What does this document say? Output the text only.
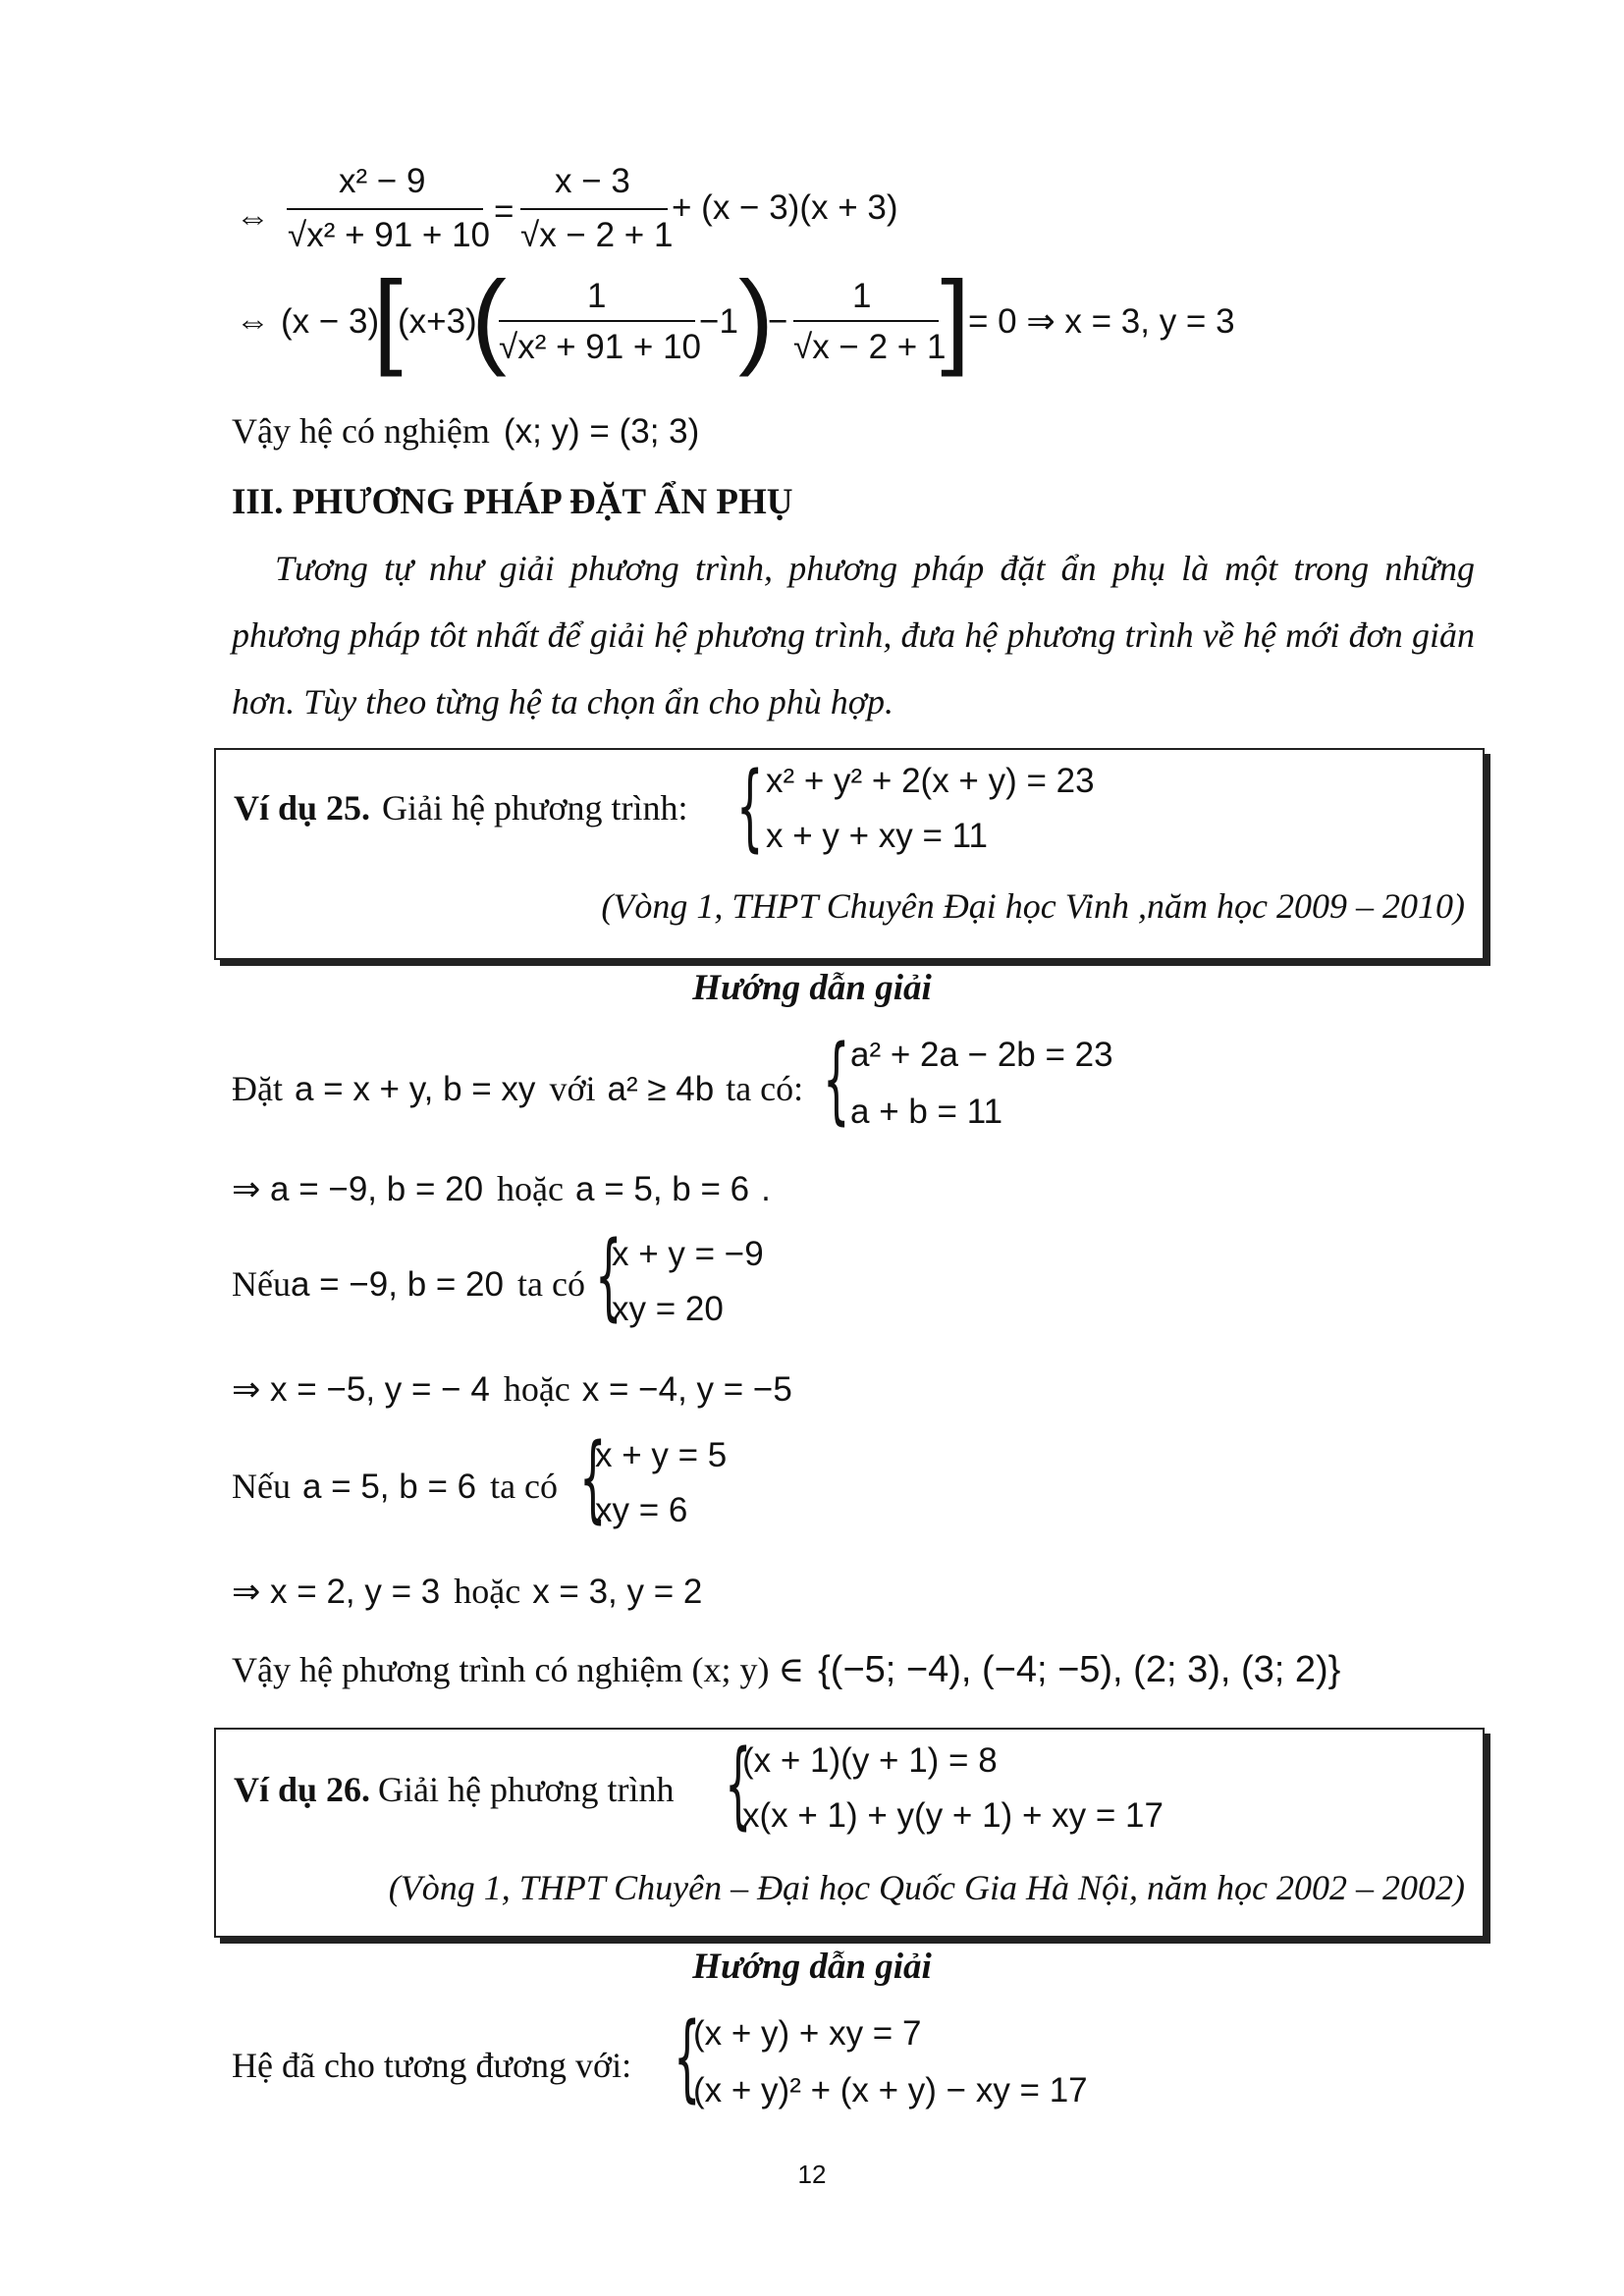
⇔
x² − 9
√x² + 91 + 10
=
x − 3
√x − 2 + 1
+ (x − 3)(x + 3)
⇔ (x − 3)
[
(x+3)
( 1
√x² + 91 + 10
−1 )
−
1
√x − 2 + 1
]
= 0 ⇒ x = 3, y = 3
Vậy hệ có nghiệm (x; y) = (3; 3)
III. PHƯƠNG PHÁP ĐẶT ẨN PHỤ
Tương tự như giải phương trình, phương pháp đặt ẩn phụ là một trong những phương pháp tôt nhất để giải hệ phương trình, đưa hệ phương trình về hệ mới đơn giản hơn. Tùy theo từng hệ ta chọn ẩn cho phù hợp.
Ví dụ 25. Giải hệ phương trình: { x² + y² + 2(x + y) = 23
x + y + xy = 11
(Vòng 1, THPT Chuyên Đại học Vinh ,năm học 2009 – 2010)
Hướng dẫn giải
Đặt a = x + y, b = xy với a² ≥ 4b ta có: { a² + 2a − 2b = 23
a + b = 11
⇒ a = −9, b = 20 hoặc a = 5, b = 6 .
Nếua = −9, b = 20 ta có {
x + y = −9
xy = 20
⇒ x = −5, y = − 4 hoặc x = −4, y = −5
Nếu a = 5, b = 6 ta có {
x + y = 5
xy = 6
⇒ x = 2, y = 3 hoặc x = 3, y = 2
Vậy hệ phương trình có nghiệm (x; y) ∈ {(−5; −4), (−4; −5), (2; 3), (3; 2)}
Ví dụ 26. Giải hệ phương trình {
(x + 1)(y + 1) = 8
x(x + 1) + y(y + 1) + xy = 17
(Vòng 1, THPT Chuyên – Đại học Quốc Gia Hà Nội, năm học 2002 – 2002)
Hướng dẫn giải
Hệ đã cho tương đương với: {
(x + y) + xy = 7
(x + y)² + (x + y) − xy = 17
12
